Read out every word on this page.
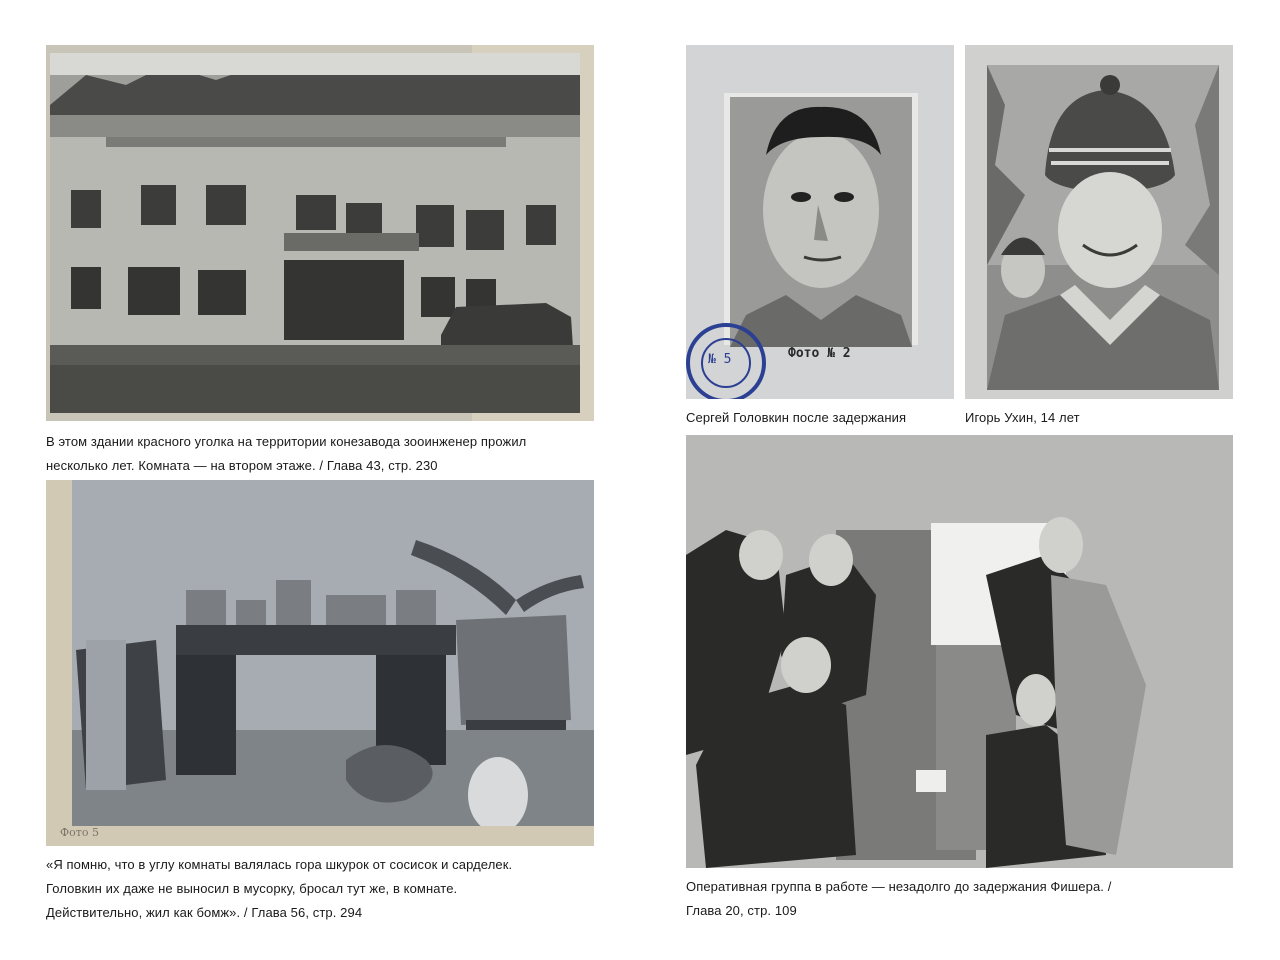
В этом здании красного уголка на территории конезавода зооинженер прожил
несколько лет. Комната — на втором этаже. / Глава 43, стр. 230
№ 5	Фото № 2
Сергей Головкин после задержания	Игорь Ухин, 14 лет
Фото 5
«Я помню, что в углу комнаты валялась гора шкурок от сосисок и сарделек.
Головкин их даже не выносил в мусорку, бросал тут же, в комнате.
Действительно, жил как бомж». / Глава 56, стр. 294
Оперативная группа в работе — незадолго до задержания Фишера. /
Глава 20, стр. 109
